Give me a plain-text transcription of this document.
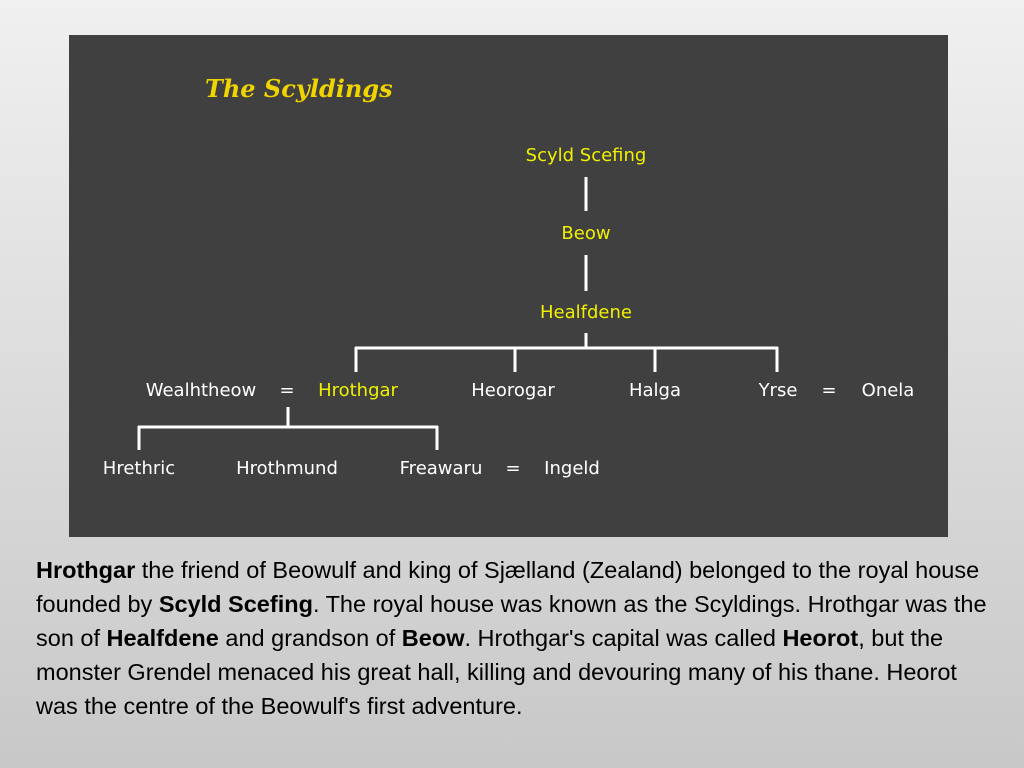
The Scyldings
Scyld Scefing
Beow
Healfdene
Wealhtheow = Hrothgar	Heorogar	Halga	Yrse = Onela
Hrethric	Hrothmund	Freawaru = Ingeld

Hrothgar the friend of Beowulf and king of Sjælland (Zealand) belonged to the royal house founded by Scyld Scefing. The royal house was known as the Scyldings. Hrothgar was the son of Healfdene and grandson of Beow. Hrothgar's capital was called Heorot, but the monster Grendel menaced his great hall, killing and devouring many of his thane. Heorot was the centre of the Beowulf's first adventure.
